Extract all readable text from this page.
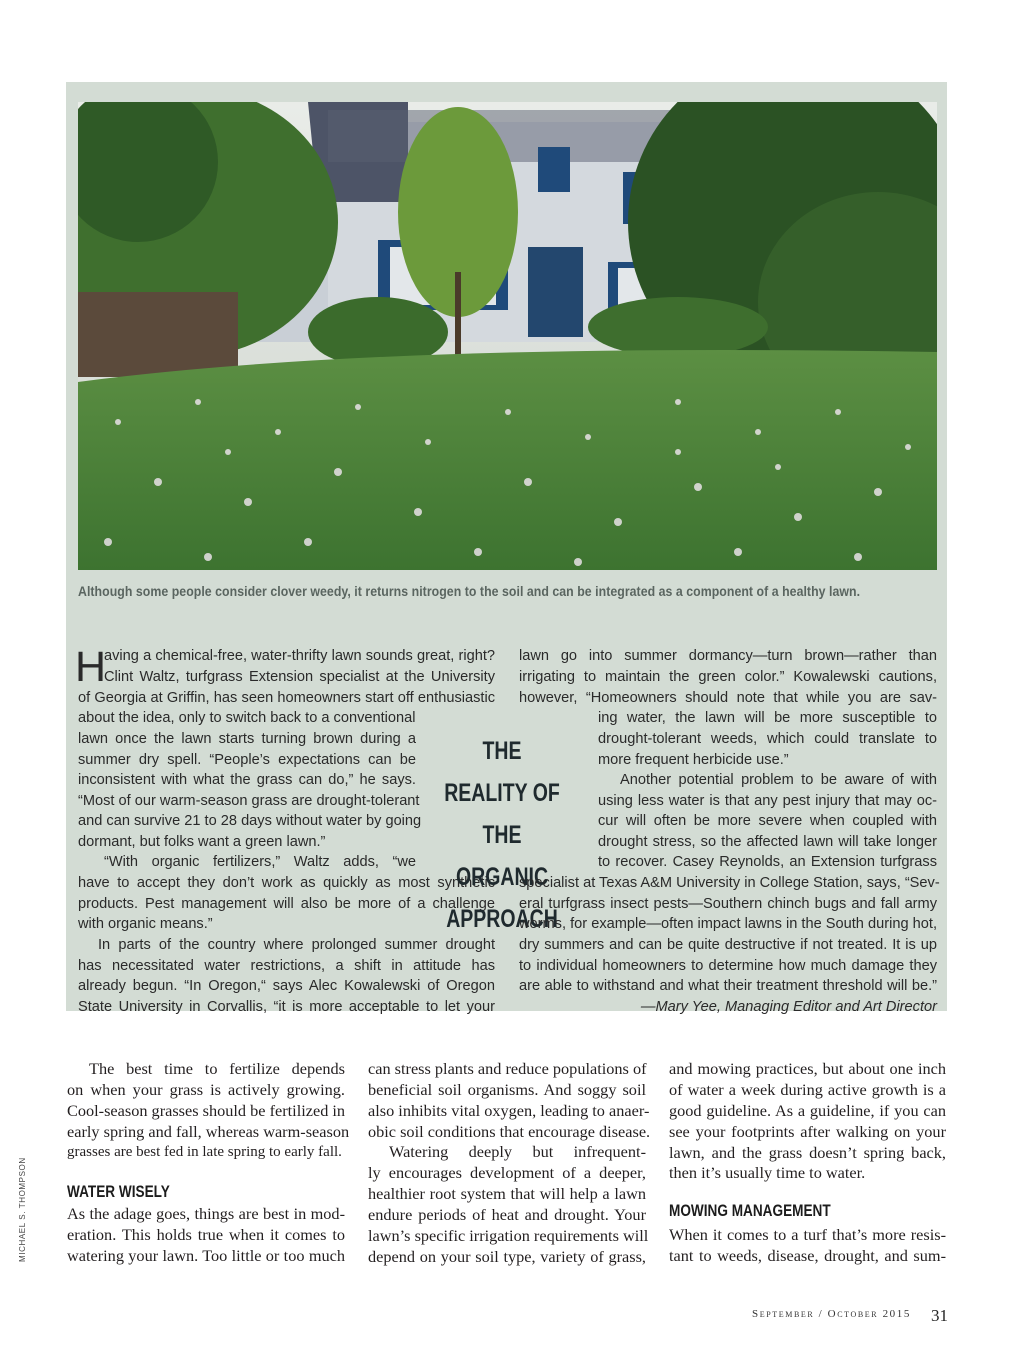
Although some people consider clover weedy, it returns nitrogen to the soil and can be integrated as a component of a healthy lawn.
H
aving a chemical-free, water-thrifty lawn sounds great, right?
Clint Waltz, turfgrass Extension specialist at the University
of Georgia at Griffin, has seen homeowners start off enthusiastic
about the idea, only to switch back to a conventional
lawn once the lawn starts turning brown during a
summer dry spell. “People’s expectations can be
inconsistent with what the grass can do,” he says.
“Most of our warm-season grass are drought-tolerant
and can survive 21 to 28 days without water by going
dormant, but folks want a green lawn.”
“With organic fertilizers,” Waltz adds, “we
have to accept they don’t work as quickly as most synthetic
products. Pest management will also be more of a challenge
with organic means.”
In parts of the country where prolonged summer drought
has necessitated water restrictions, a shift in attitude has
already begun. “In Oregon,“ says Alec Kowalewski of Oregon
State University in Corvallis, “it is more acceptable to let your
THE REALITY OF
THE ORGANIC
APPROACH
lawn go into summer dormancy—turn brown—rather than
irrigating to maintain the green color.” Kowalewski cautions,
however, “Homeowners should note that while you are sav-
ing water, the lawn will be more susceptible to
drought-tolerant weeds, which could translate to
more frequent herbicide use.”
Another potential problem to be aware of with
using less water is that any pest injury that may oc-
cur will often be more severe when coupled with
drought stress, so the affected lawn will take longer
to recover. Casey Reynolds, an Extension turfgrass
specialist at Texas A&M University in College Station, says, “Sev-
eral turfgrass insect pests—Southern chinch bugs and fall army
worms, for example—often impact lawns in the South during hot,
dry summers and can be quite destructive if not treated. It is up
to individual homeowners to determine how much damage they
are able to withstand and what their treatment threshold will be.”
—Mary Yee, Managing Editor and Art Director
The best time to fertilize depends
on when your grass is actively growing.
Cool-season grasses should be fertilized in
early spring and fall, whereas warm-season
grasses are best fed in late spring to early fall.
WATER WISELY
As the adage goes, things are best in mod-
eration. This holds true when it comes to
watering your lawn. Too little or too much
can stress plants and reduce populations of
beneficial soil organisms. And soggy soil
also inhibits vital oxygen, leading to anaer-
obic soil conditions that encourage disease.
Watering deeply but infrequent-
ly encourages development of a deeper,
healthier root system that will help a lawn
endure periods of heat and drought. Your
lawn’s specific irrigation requirements will
depend on your soil type, variety of grass,
and mowing practices, but about one inch
of water a week during active growth is a
good guideline. As a guideline, if you can
see your footprints after walking on your
lawn, and the grass doesn’t spring back,
then it’s usually time to water.
MOWING MANAGEMENT
When it comes to a turf that’s more resis-
tant to weeds, disease, drought, and sum-
MICHAEL S. THOMPSON
September / October 2015 31
